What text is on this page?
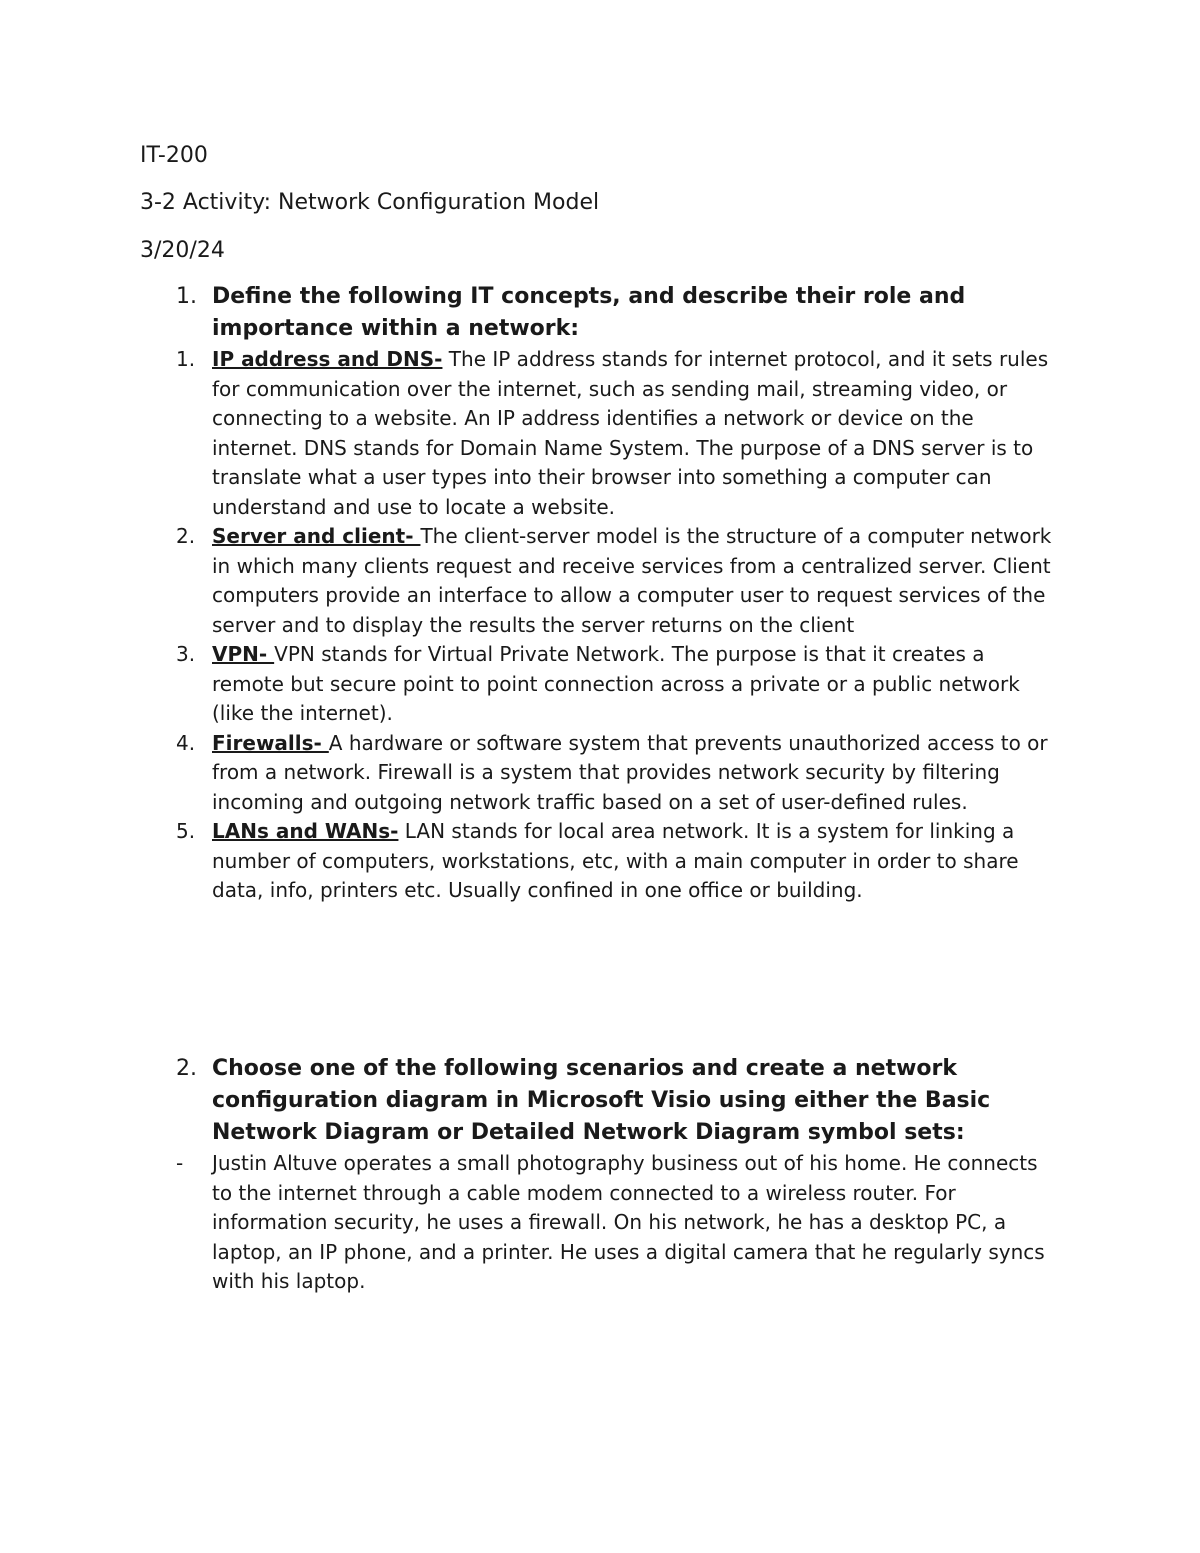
IT-200
3-2 Activity: Network Configuration Model
3/20/24
1. Define the following IT concepts, and describe their role and importance within a network:
1. IP address and DNS- The IP address stands for internet protocol, and it sets rules for communication over the internet, such as sending mail, streaming video, or connecting to a website. An IP address identifies a network or device on the internet. DNS stands for Domain Name System. The purpose of a DNS server is to translate what a user types into their browser into something a computer can understand and use to locate a website.
2. Server and client- The client-server model is the structure of a computer network in which many clients request and receive services from a centralized server. Client computers provide an interface to allow a computer user to request services of the server and to display the results the server returns on the client
3. VPN- VPN stands for Virtual Private Network. The purpose is that it creates a remote but secure point to point connection across a private or a public network (like the internet).
4. Firewalls- A hardware or software system that prevents unauthorized access to or from a network. Firewall is a system that provides network security by filtering incoming and outgoing network traffic based on a set of user-defined rules.
5. LANs and WANs- LAN stands for local area network. It is a system for linking a number of computers, workstations, etc, with a main computer in order to share data, info, printers etc. Usually confined in one office or building.
2. Choose one of the following scenarios and create a network configuration diagram in Microsoft Visio using either the Basic Network Diagram or Detailed Network Diagram symbol sets:
- Justin Altuve operates a small photography business out of his home. He connects to the internet through a cable modem connected to a wireless router. For information security, he uses a firewall. On his network, he has a desktop PC, a laptop, an IP phone, and a printer. He uses a digital camera that he regularly syncs with his laptop.
